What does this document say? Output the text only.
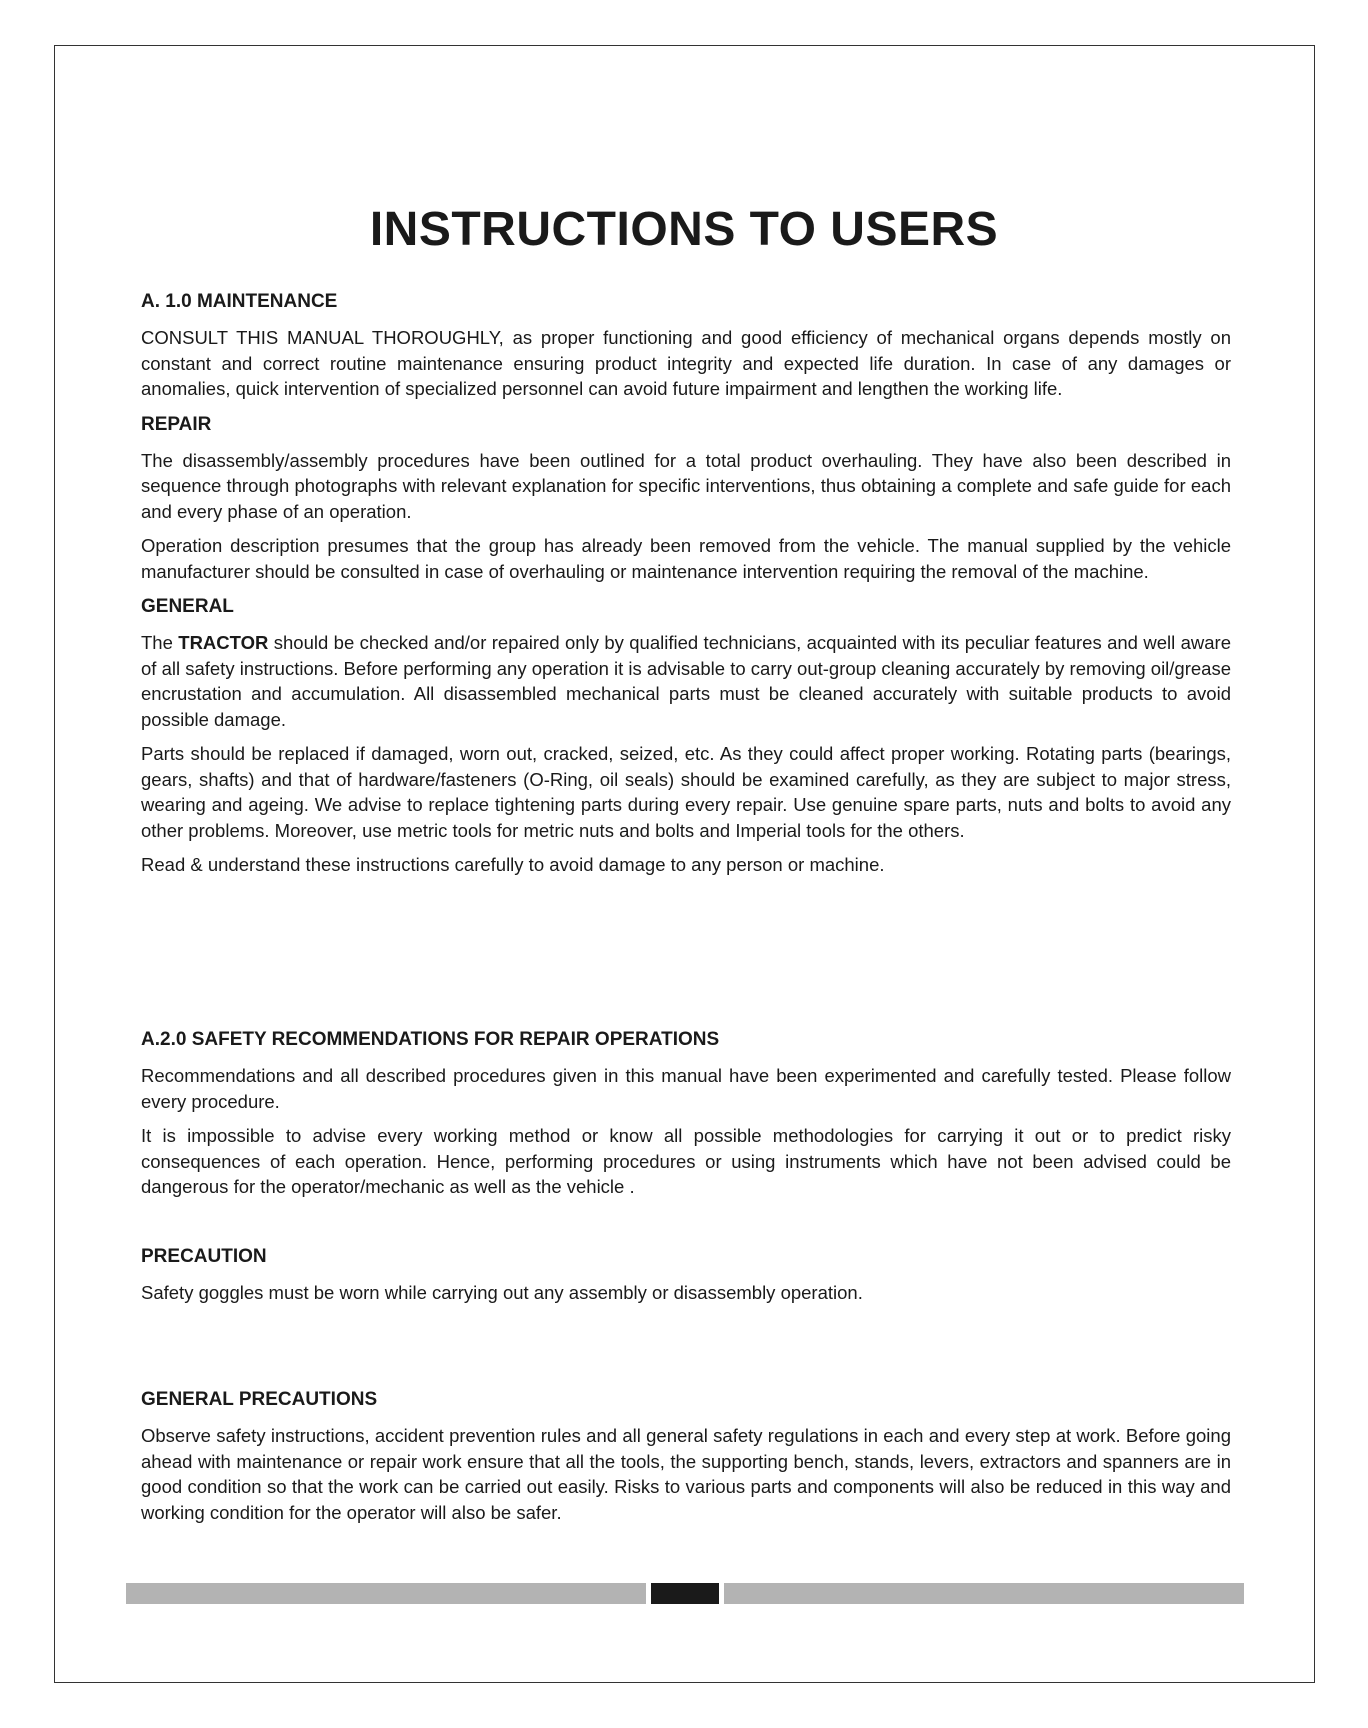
INSTRUCTIONS TO USERS

A. 1.0 MAINTENANCE

CONSULT THIS MANUAL THOROUGHLY, as proper functioning and good efficiency of mechanical organs depends mostly on constant and correct routine maintenance ensuring product integrity and expected life duration. In case of any damages or anomalies, quick intervention of specialized personnel can avoid future impairment and lengthen the working life.

REPAIR

The disassembly/assembly procedures have been outlined for a total product overhauling. They have also been described in sequence through photographs with relevant explanation for specific interventions, thus obtaining a complete and safe guide for each and every phase of an operation.

Operation description presumes that the group has already been removed from the vehicle. The manual supplied by the vehicle manufacturer should be consulted in case of overhauling or maintenance intervention requiring the removal of the machine.

GENERAL

The TRACTOR should be checked and/or repaired only by qualified technicians, acquainted with its peculiar features and well aware of all safety instructions. Before performing any operation it is advisable to carry out-group cleaning accurately by removing oil/grease encrustation and accumulation. All disassembled mechanical parts must be cleaned accurately with suitable products to avoid possible damage.

Parts should be replaced if damaged, worn out, cracked, seized, etc. As they could affect proper working. Rotating parts (bearings, gears, shafts) and that of hardware/fasteners (O-Ring, oil seals) should be examined carefully, as they are subject to major stress, wearing and ageing. We advise to replace tightening parts during every repair. Use genuine spare parts, nuts and bolts to avoid any other problems. Moreover, use metric tools for metric nuts and bolts and Imperial tools for the others.

Read & understand these instructions carefully to avoid damage to any person or machine.

A.2.0 SAFETY RECOMMENDATIONS FOR REPAIR OPERATIONS

Recommendations and all described procedures given in this manual have been experimented and carefully tested. Please follow every procedure.

It is impossible to advise every working method or know all possible methodologies for carrying it out or to predict risky consequences of each operation. Hence, performing procedures or using instruments which have not been advised could be dangerous for the operator/mechanic as well as the vehicle .

PRECAUTION

Safety goggles must be worn while carrying out any assembly or disassembly operation.

GENERAL PRECAUTIONS

Observe safety instructions, accident prevention rules and all general safety regulations in each and every step at work. Before going ahead with maintenance or repair work ensure that all the tools, the supporting bench, stands, levers, extractors and spanners are in good condition so that the work can be carried out easily. Risks to various parts and components will also be reduced in this way and working condition for the operator will also be safer.
